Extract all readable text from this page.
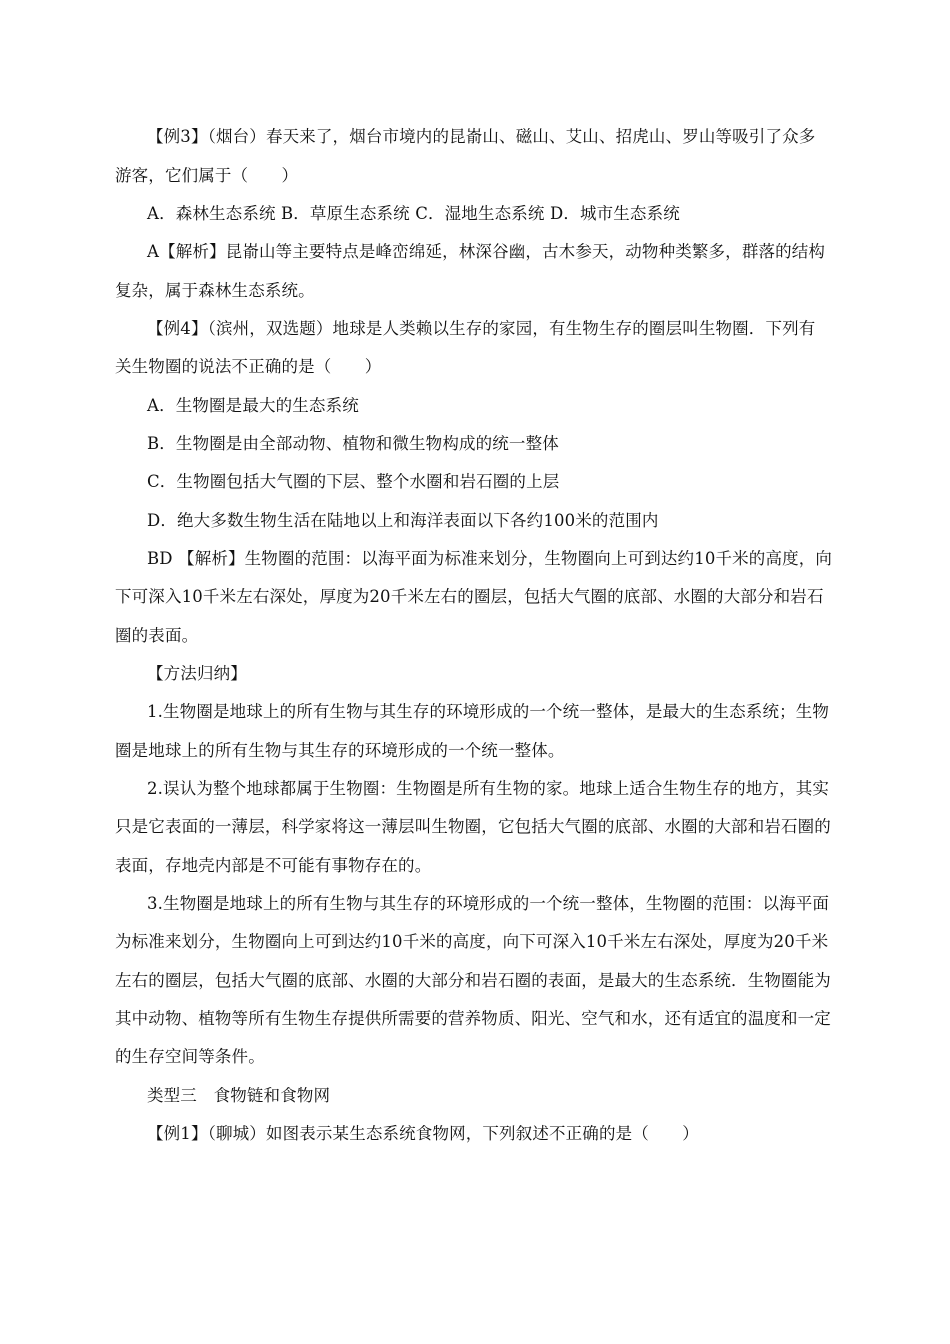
【例3】（烟台）春天来了，烟台市境内的昆嵛山、磁山、艾山、招虎山、罗山等吸引了众多
游客，它们属于（　　）
A．森林生态系统 B．草原生态系统 C．湿地生态系统 D．城市生态系统
A【解析】昆嵛山等主要特点是峰峦绵延，林深谷幽，古木参天，动物种类繁多，群落的结构
复杂，属于森林生态系统。
【例4】（滨州，双选题）地球是人类赖以生存的家园，有生物生存的圈层叫生物圈．下列有
关生物圈的说法不正确的是（　　）
A．生物圈是最大的生态系统
B．生物圈是由全部动物、植物和微生物构成的统一整体
C．生物圈包括大气圈的下层、整个水圈和岩石圈的上层
D．绝大多数生物生活在陆地以上和海洋表面以下各约100米的范围内
BD 【解析】生物圈的范围：以海平面为标准来划分，生物圈向上可到达约10千米的高度，向
下可深入10千米左右深处，厚度为20千米左右的圈层，包括大气圈的底部、水圈的大部分和岩石
圈的表面。
【方法归纳】
1.生物圈是地球上的所有生物与其生存的环境形成的一个统一整体，是最大的生态系统；生物
圈是地球上的所有生物与其生存的环境形成的一个统一整体。
2.误认为整个地球都属于生物圈：生物圈是所有生物的家。地球上适合生物生存的地方，其实
只是它表面的一薄层，科学家将这一薄层叫生物圈，它包括大气圈的底部、水圈的大部和岩石圈的
表面，存地壳内部是不可能有事物存在的。
3.生物圈是地球上的所有生物与其生存的环境形成的一个统一整体，生物圈的范围：以海平面
为标准来划分，生物圈向上可到达约10千米的高度，向下可深入10千米左右深处，厚度为20千米
左右的圈层，包括大气圈的底部、水圈的大部分和岩石圈的表面，是最大的生态系统．生物圈能为
其中动物、植物等所有生物生存提供所需要的营养物质、阳光、空气和水，还有适宜的温度和一定
的生存空间等条件。
类型三　食物链和食物网
【例1】（聊城）如图表示某生态系统食物网，下列叙述不正确的是（　　）
